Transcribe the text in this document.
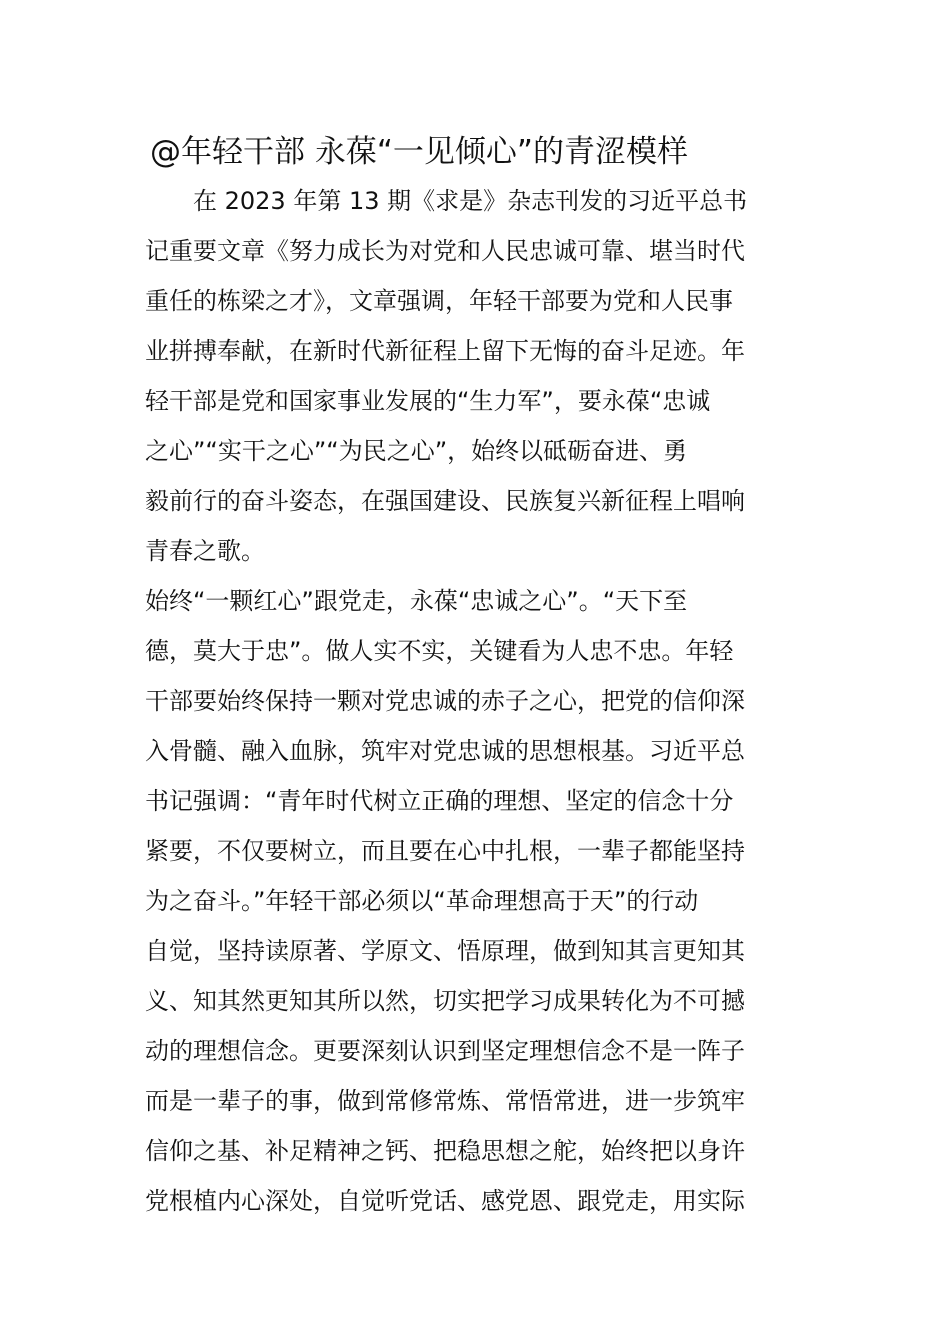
@年轻干部 永葆“一见倾心”的青涩模样
　　在 2023 年第 13 期《求是》杂志刊发的习近平总书
记重要文章《努力成长为对党和人民忠诚可靠、堪当时代
重任的栋梁之才》，文章强调，年轻干部要为党和人民事
业拼搏奉献，在新时代新征程上留下无悔的奋斗足迹。年
轻干部是党和国家事业发展的“生力军”，要永葆“忠诚
之心”“实干之心”“为民之心”，始终以砥砺奋进、勇
毅前行的奋斗姿态，在强国建设、民族复兴新征程上唱响
青春之歌。
始终“一颗红心”跟党走，永葆“忠诚之心”。“天下至
德，莫大于忠”。做人实不实，关键看为人忠不忠。年轻
干部要始终保持一颗对党忠诚的赤子之心，把党的信仰深
入骨髓、融入血脉，筑牢对党忠诚的思想根基。习近平总
书记强调：“青年时代树立正确的理想、坚定的信念十分
紧要，不仅要树立，而且要在心中扎根，一辈子都能坚持
为之奋斗。”年轻干部必须以“革命理想高于天”的行动
自觉，坚持读原著、学原文、悟原理，做到知其言更知其
义、知其然更知其所以然，切实把学习成果转化为不可撼
动的理想信念。更要深刻认识到坚定理想信念不是一阵子
而是一辈子的事，做到常修常炼、常悟常进，进一步筑牢
信仰之基、补足精神之钙、把稳思想之舵，始终把以身许
党根植内心深处，自觉听党话、感党恩、跟党走，用实际
